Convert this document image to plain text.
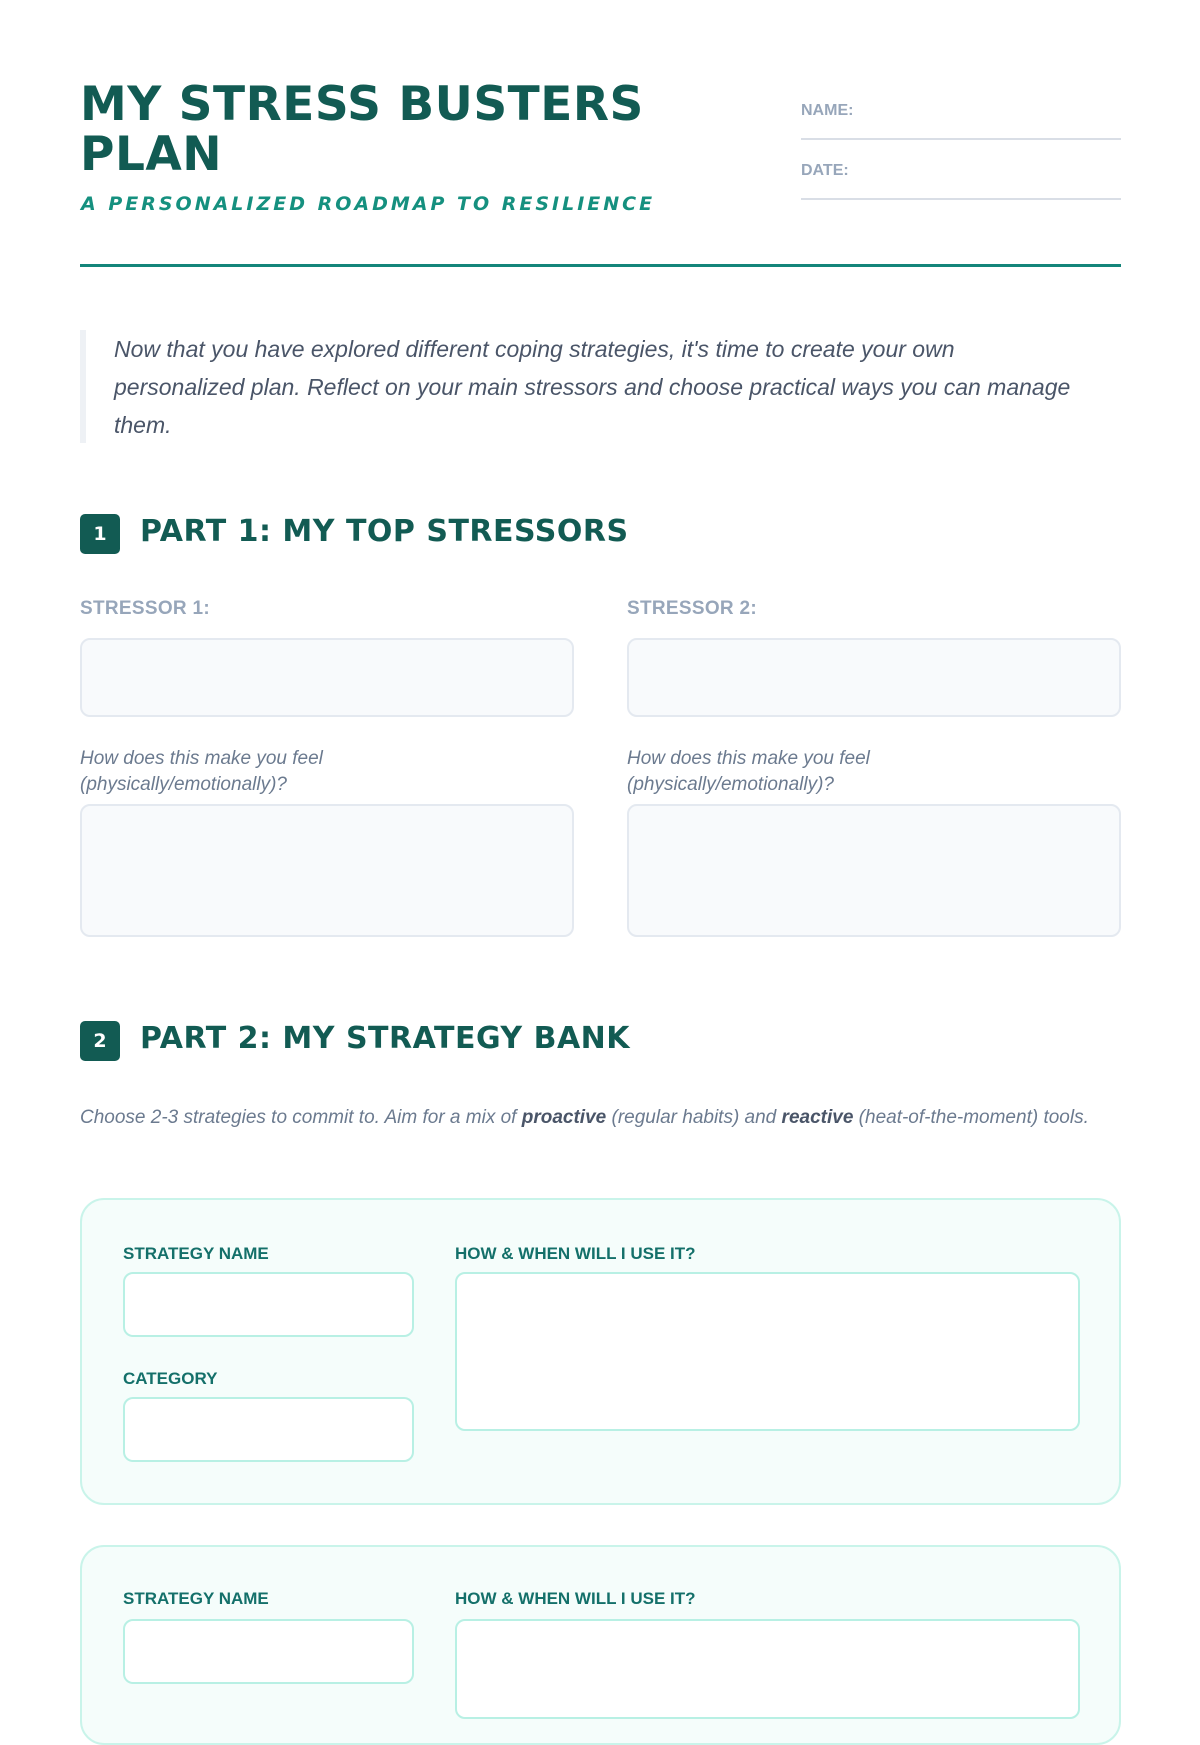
MY STRESS BUSTERS PLAN

A PERSONALIZED ROADMAP TO RESILIENCE

NAME:
DATE:

Now that you have explored different coping strategies, it's time to create your own personalized plan. Reflect on your main stressors and choose practical ways you can manage them.

1	PART 1: MY TOP STRESSORS
STRESSOR 1:

How does this make you feel (physically/emotionally)?

STRESSOR 2:

How does this make you feel (physically/emotionally)?

2	PART 2: MY STRATEGY BANK

Choose 2-3 strategies to commit to. Aim for a mix of proactive (regular habits) and reactive (heat-of-the-moment) tools.

STRATEGY NAME
CATEGORY
HOW & WHEN WILL I USE IT?
STRATEGY NAME	HOW & WHEN WILL I USE IT?
